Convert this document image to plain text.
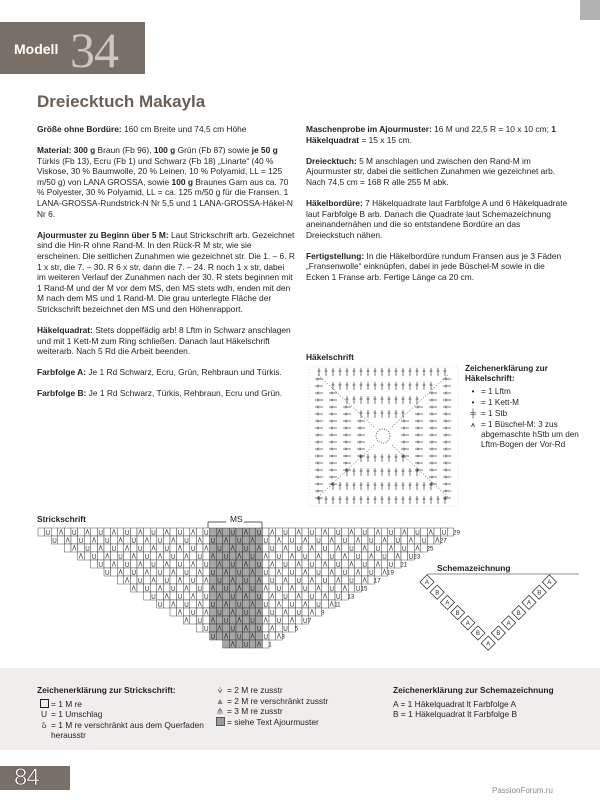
Modell 34
Dreiecktuch Makayla

Größe ohne Bordüre: 160 cm Breite und 74,5 cm Höhe

Material: 300 g Braun (Fb 96), 100 g Grün (Fb 87) sowie je 50 g Türkis (Fb 13), Ecru (Fb 1) und Schwarz (Fb 18) „Linarte“ (40 % Viskose, 30 % Baumwolle, 20 % Leinen, 10 % Polyamid, LL = 125 m/50 g) von LANA GROSSA, sowie 100 g Braunes Garn aus ca. 70 % Polyester, 30 % Polyamid, LL = ca. 125 m/50 g für die Fransen. 1 LANA-GROSSA-Rundstrick-N Nr 5,5 und 1 LANA-GROSSA-Häkel-N Nr 6.

Ajourmuster zu Beginn über 5 M: Laut Strickschrift arb. Gezeichnet sind die Hin-R ohne Rand-M. In den Rück-R M str, wie sie erscheinen. Die seitlichen Zunahmen wie gezeichnet str. Die 1. – 6. R 1 x str, die 7. – 30. R 6 x str, dann die 7. – 24. R noch 1 x str, dabei im weiteren Verlauf der Zunahmen nach der 30. R stets beginnen mit 1 Rand-M und der M vor dem MS, den MS stets wdh, enden mit den M nach dem MS und 1 Rand-M. Die grau unterlegte Fläche der Strickschrift bezeichnet den MS und den Höhenrapport.

Häkelquadrat: Stets doppelfädig arb! 8 Lftm in Schwarz anschlagen und mit 1 Kett-M zum Ring schließen. Danach laut Häkelschrift weiterarb. Nach 5 Rd die Arbeit beenden.

Farbfolge A: Je 1 Rd Schwarz, Ecru, Grün, Rehbraun und Türkis.

Farbfolge B: Je 1 Rd Schwarz, Türkis, Rehbraun, Ecru und Grün.

Maschenprobe im Ajourmuster: 16 M und 22,5 R = 10 x 10 cm; 1 Häkelquadrat = 15 x 15 cm.

Dreiecktuch: 5 M anschlagen und zwischen den Rand-M im Ajourmuster str, dabei die seitlichen Zunahmen wie gezeichnet arb. Nach 74,5 cm = 168 R alle 255 M abk.

Häkelbordüre: 7 Häkelquadrate laut Farbfolge A und 6 Häkelquadrate laut Farbfolge B arb. Danach die Quadrate laut Schemazeichnung aneinandernähen und die so entstandene Bordüre an das Dreieckstuch nähen.

Fertigstellung: In die Häkelbordüre rundum Fransen aus je 3 Fäden „Fransenwolle“ einknüpfen, dabei in jede Büschel-M sowie in die Ecken 1 Franse arb. Fertige Länge ca 20 cm.

Häkelschrift
Zeichenerklärung zur Häkelschrift:
• = 1 Lftm
• = 1 Kett-M
╪ = 1 Stb
⩚ = 1 Büschel-M: 3 zus abgemaschte hStb um den Lftm-Bogen der Vor-Rd
Strickschrift	MS
29
27
25
23
21
19
17
15
13
11
9
7
5
3
1
Schemazeichnung
A
B
A
B
A
B
A
B
A
B
A
B
A
Zeichenerklärung zur Strickschrift:
= 1 M re
U = 1 Umschlag
ઠ = 1 M re verschränkt aus dem Querfaden herausstr
⩒ = 2 M re zusstr
⩓ = 2 M re verschränkt zusstr
⫛ = 3 M re zusstr
= siehe Text Ajourmuster
Zeichenerklärung zur Schemazeichnung
A = 1 Häkelquadrat lt Farbfolge A
B = 1 Häkelquadrat lt Farbfolge B
84	PassionForum.ru
